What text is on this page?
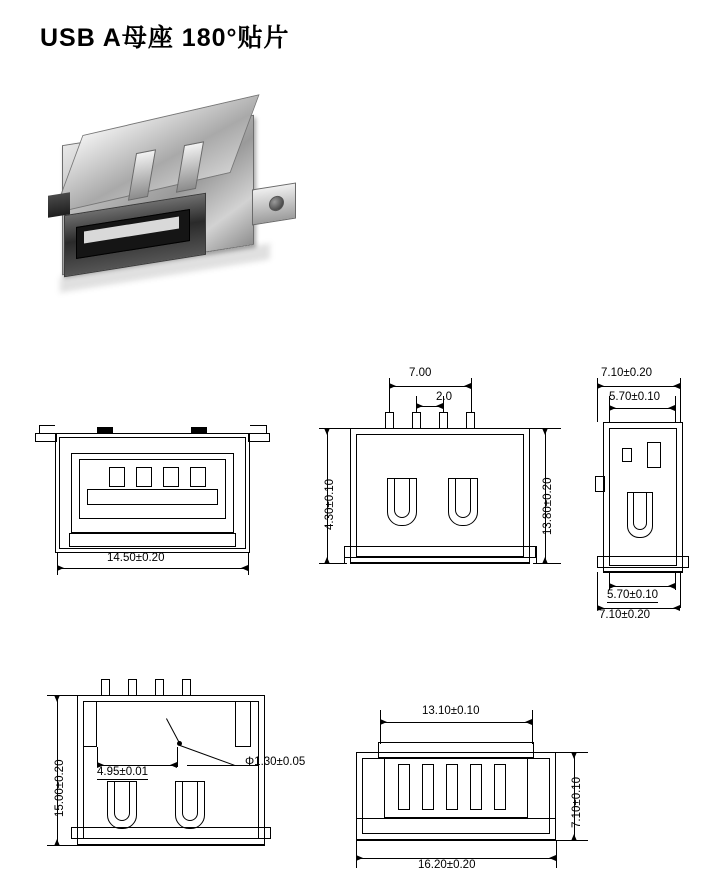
USB A母座 180°贴片
14.50±0.20
7.00
2.0
4.30±0.10	13.80±0.20
7.10±0.20
5.70±0.10
5.70±0.10
7.10±0.20
Φ1.30±0.05
15.00±0.20	4.95±0.01
13.10±0.10
16.20±0.20
7.10±0.10
